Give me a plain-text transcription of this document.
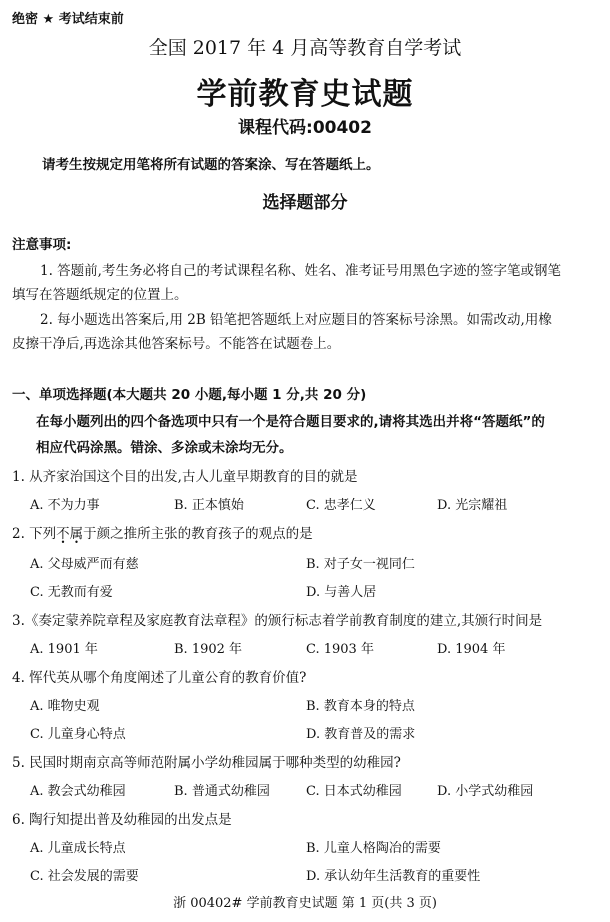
绝密 ★ 考试结束前
全国 2017 年 4 月高等教育自学考试
学前教育史试题
课程代码:00402
请考生按规定用笔将所有试题的答案涂、写在答题纸上。
选择题部分
注意事项:
1. 答题前,考生务必将自己的考试课程名称、姓名、准考证号用黑色字迹的签字笔或钢笔
填写在答题纸规定的位置上。
2. 每小题选出答案后,用 2B 铅笔把答题纸上对应题目的答案标号涂黑。如需改动,用橡
皮擦干净后,再选涂其他答案标号。不能答在试题卷上。
一、单项选择题(本大题共 20 小题,每小题 1 分,共 20 分)
在每小题列出的四个备选项中只有一个是符合题目要求的,请将其选出并将“答题纸”的
相应代码涂黑。错涂、多涂或未涂均无分。
1. 从齐家治国这个目的出发,古人儿童早期教育的目的就是
A. 不为力事	B. 正本慎始	C. 忠孝仁义	D. 光宗耀祖
2. 下列不属于颜之推所主张的教育孩子的观点的是
A. 父母威严而有慈	B. 对子女一视同仁
C. 无教而有爱	D. 与善人居
3.《奏定蒙养院章程及家庭教育法章程》的颁行标志着学前教育制度的建立,其颁行时间是
A. 1901 年	B. 1902 年	C. 1903 年	D. 1904 年
4. 恽代英从哪个角度阐述了儿童公育的教育价值?
A. 唯物史观	B. 教育本身的特点
C. 儿童身心特点	D. 教育普及的需求
5. 民国时期南京高等师范附属小学幼稚园属于哪种类型的幼稚园?
A. 教会式幼稚园	B. 普通式幼稚园	C. 日本式幼稚园	D. 小学式幼稚园
6. 陶行知提出普及幼稚园的出发点是
A. 儿童成长特点	B. 儿童人格陶冶的需要
C. 社会发展的需要	D. 承认幼年生活教育的重要性
浙 00402# 学前教育史试题 第 1 页(共 3 页)
